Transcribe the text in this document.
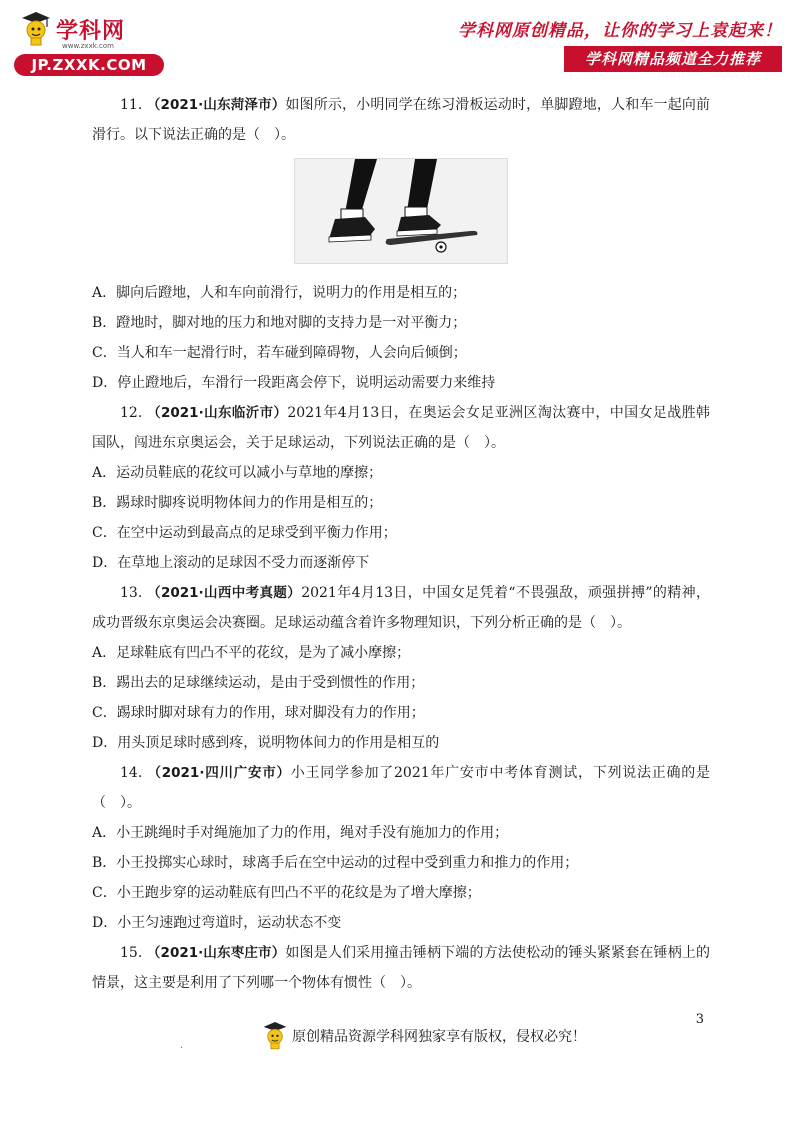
学科网
www.zxxk.com
JP.ZXXK.COM
学科网原创精品，让你的学习上袁起来！
学科网精品频道全力推荐

11. （2021·山东菏泽市）如图所示，小明同学在练习滑板运动时，单脚蹬地，人和车一起向前滑行。以下说法正确的是（　）。

A．脚向后蹬地，人和车向前滑行，说明力的作用是相互的；

B．蹬地时，脚对地的压力和地对脚的支持力是一对平衡力；

C．当人和车一起滑行时，若车碰到障碍物，人会向后倾倒；

D．停止蹬地后，车滑行一段距离会停下，说明运动需要力来维持

12. （2021·山东临沂市）2021年4月13日，在奥运会女足亚洲区淘汰赛中，中国女足战胜韩国队，闯进东京奥运会，关于足球运动，下列说法正确的是（　）。

A．运动员鞋底的花纹可以减小与草地的摩擦；

B．踢球时脚疼说明物体间力的作用是相互的；

C．在空中运动到最高点的足球受到平衡力作用；

D．在草地上滚动的足球因不受力而逐渐停下

13. （2021·山西中考真题）2021年4月13日，中国女足凭着“不畏强敌，顽强拼搏”的精神，成功晋级东京奥运会决赛圈。足球运动蕴含着许多物理知识，下列分析正确的是（　）。

A．足球鞋底有凹凸不平的花纹，是为了减小摩擦；

B．踢出去的足球继续运动，是由于受到惯性的作用；

C．踢球时脚对球有力的作用，球对脚没有力的作用；

D．用头顶足球时感到疼，说明物体间力的作用是相互的

14. （2021·四川广安市）小王同学参加了2021年广安市中考体育测试，下列说法正确的是（　）。

A．小王跳绳时手对绳施加了力的作用，绳对手没有施加力的作用；

B．小王投掷实心球时，球离手后在空中运动的过程中受到重力和推力的作用；

C．小王跑步穿的运动鞋底有凹凸不平的花纹是为了增大摩擦；

D．小王匀速跑过弯道时，运动状态不变

15. （2021·山东枣庄市）如图是人们采用撞击锤柄下端的方法使松动的锤头紧紧套在锤柄上的情景，这主要是利用了下列哪一个物体有惯性（　）。

3
.
原创精品资源学科网独家享有版权，侵权必究！
